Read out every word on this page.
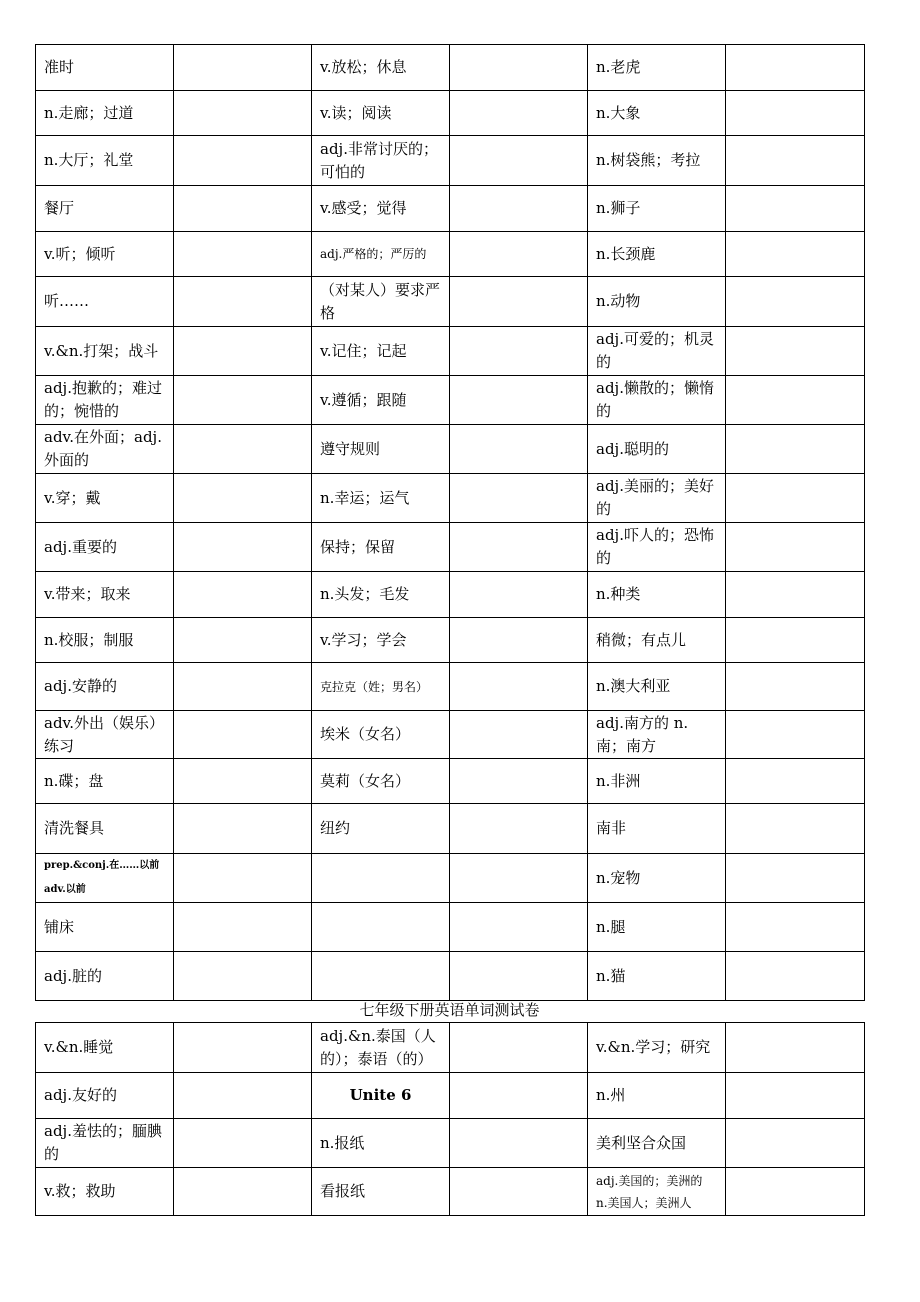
准时		v.放松；休息		n.老虎	
n.走廊；过道		v.读；阅读		n.大象	
n.大厅；礼堂		adj.非常讨厌的；可怕的		n.树袋熊；考拉	
餐厅		v.感受；觉得		n.狮子	
v.听；倾听		adj.严格的；严厉的		n.长颈鹿	
听……		（对某人）要求严格		n.动物	
v.&n.打架；战斗		v.记住；记起		adj.可爱的；机灵的	
adj.抱歉的；难过的；惋惜的		v.遵循；跟随		adj.懒散的；懒惰的	
adv.在外面；adj.外面的		遵守规则		adj.聪明的	
v.穿；戴		n.幸运；运气		adj.美丽的；美好的	
adj.重要的		保持；保留		adj.吓人的；恐怖的	
v.带来；取来		n.头发；毛发		n.种类	
n.校服；制服		v.学习；学会		稍微；有点儿	
adj.安静的		克拉克（姓；男名）		n.澳大利亚	
adv.外出（娱乐）练习		埃米（女名）		adj.南方的 n.南；南方	
n.碟；盘		莫莉（女名）		n.非洲	
清洗餐具		纽约		南非	
prep.&conj.在……以前 adv.以前				n.宠物	
铺床				n.腿	
adj.脏的				n.猫	
七年级下册英语单词测试卷
v.&n.睡觉		adj.&n.泰国（人的）；泰语（的）		v.&n.学习；研究	
adj.友好的		Unite 6		n.州	
adj.羞怯的；腼腆的		n.报纸		美利坚合众国	
v.救；救助		看报纸		adj.美国的；美洲的 n.美国人；美洲人	
